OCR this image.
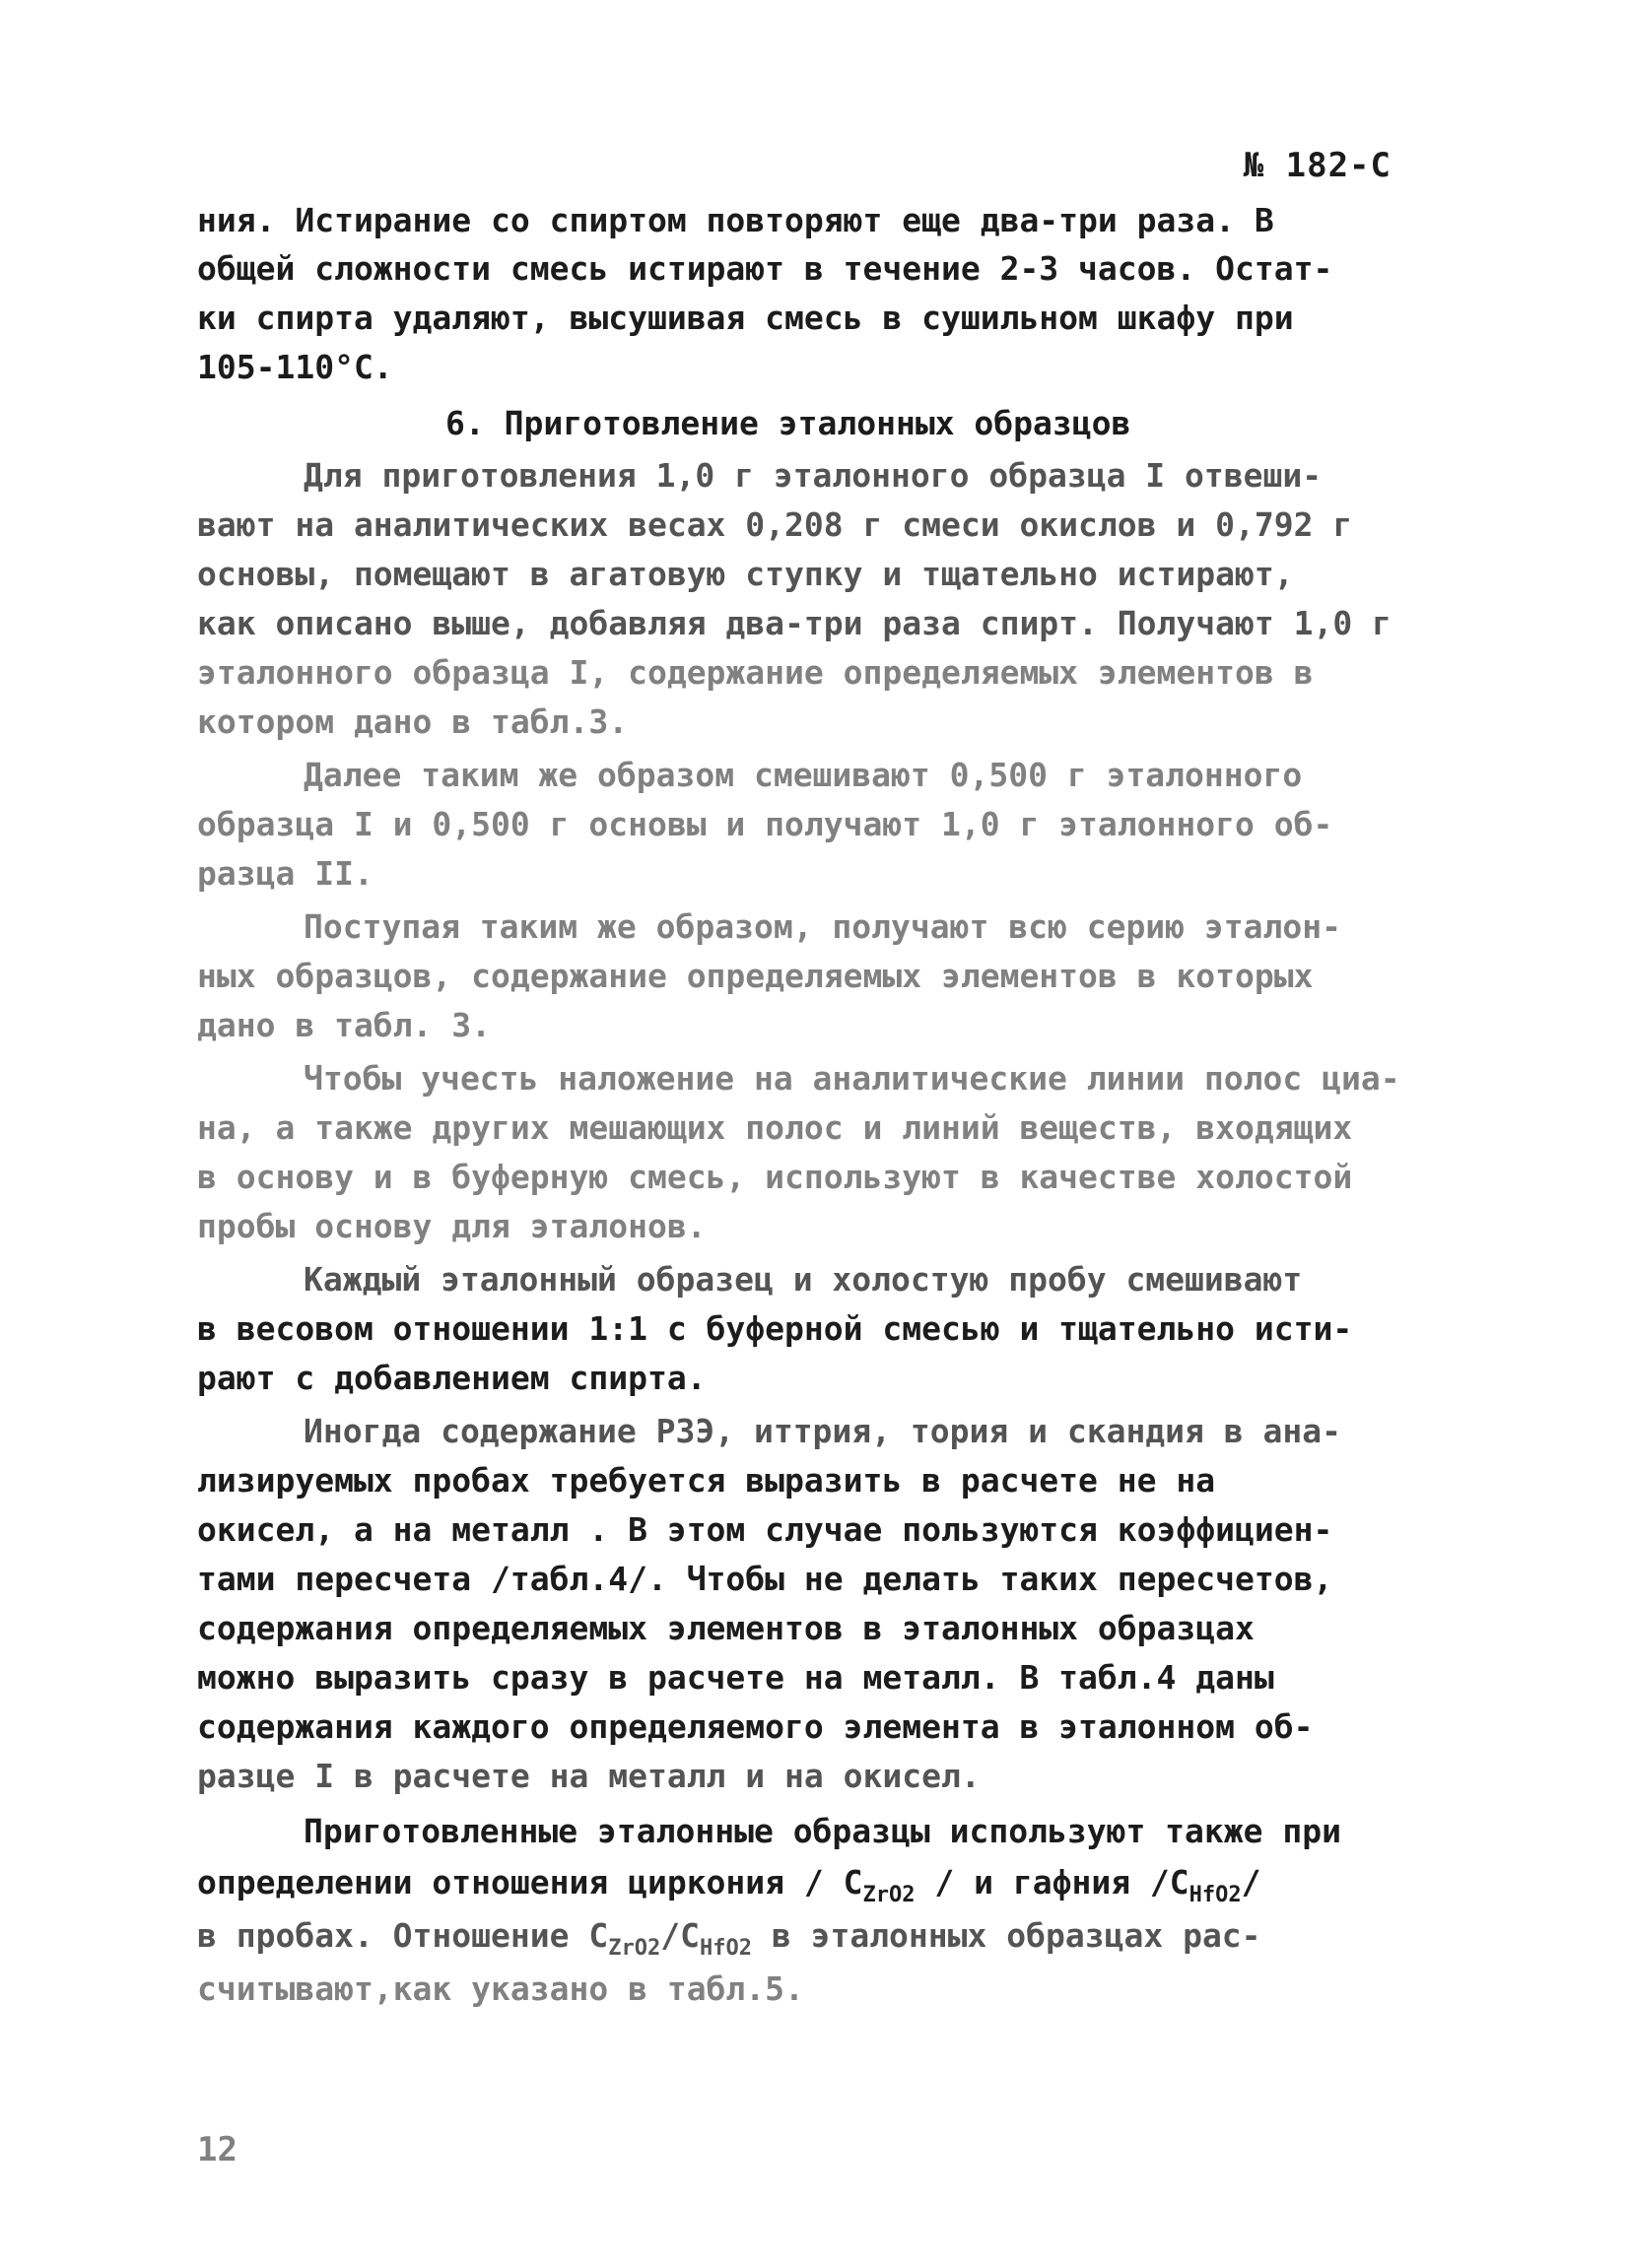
№ 182-С
ния. Истирание со спиртом повторяют еще два-три раза. В
общей сложности смесь истирают в течение 2-3 часов. Остат-
ки спирта удаляют, высушивая смесь в сушильном шкафу при
105-110°С.
6. Приготовление эталонных образцов
Для приготовления 1,0 г эталонного образца I отвеши-
вают на аналитических весах 0,208 г смеси окислов и 0,792 г
основы, помещают в агатовую ступку и тщательно истирают,
как описано выше, добавляя два-три раза спирт. Получают 1,0 г
эталонного образца I, содержание определяемых элементов в
котором дано в табл.3.
Далее таким же образом смешивают 0,500 г эталонного
образца I и 0,500 г основы и получают 1,0 г эталонного об-
разца II.
Поступая таким же образом, получают всю серию эталон-
ных образцов, содержание определяемых элементов в которых
дано в табл. 3.
Чтобы учесть наложение на аналитические линии полос циа-
на, а также других мешающих полос и линий веществ, входящих
в основу и в буферную смесь, используют в качестве холостой
пробы основу для эталонов.
Каждый эталонный образец и холостую пробу смешивают
в весовом отношении 1:1 с буферной смесью и тщательно исти-
рают с добавлением спирта.
Иногда содержание РЗЭ, иттрия, тория и скандия в ана-
лизируемых пробах требуется выразить в расчете не на
окисел, а на металл . В этом случае пользуются коэффициен-
тами пересчета /табл.4/. Чтобы не делать таких пересчетов,
содержания определяемых элементов в эталонных образцах
можно выразить сразу в расчете на металл. В табл.4 даны
содержания каждого определяемого элемента в эталонном об-
разце I в расчете на металл и на окисел.
Приготовленные эталонные образцы используют также при
определении отношения циркония / $C_{ZrO2}$ / и гафния $/C_{HfO2}/$
в пробах. Отношение $C_{ZrO2}/C_{HfO2}$ в эталонных образцах рас-
считывают,как указано в табл.5.
12
